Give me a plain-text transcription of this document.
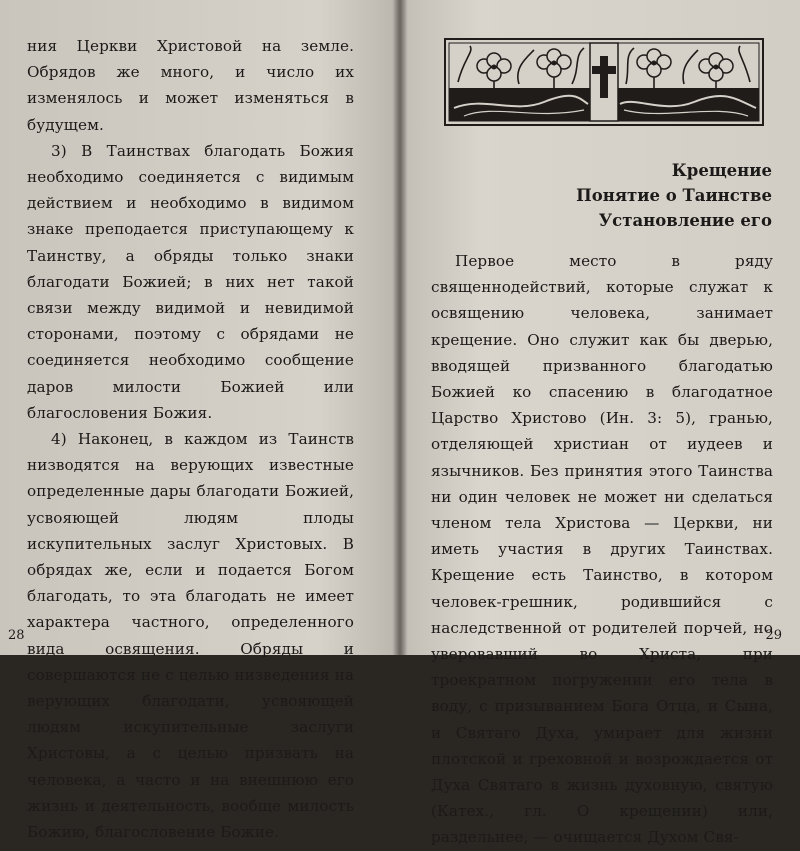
ния Церкви Христовой на земле. Обрядов же много, и число их изменялось и может изменяться в будущем.

3) В Таинствах благодать Божия необходимо соединяется с видимым действием и необходимо в видимом знаке преподается приступающему к Таинству, а обряды только знаки благодати Божией; в них нет такой связи между видимой и невидимой сторонами, поэтому с обрядами не соединяется необходимо сообщение даров милости Божией или благословения Божия.

4) Наконец, в каждом из Таинств низводятся на верующих известные определенные дары благодати Божией, усвояющей людям плоды искупительных заслуг Христовых. В обрядах же, если и подается Богом благодать, то эта благодать не имеет характера частного, определенного вида освящения. Обряды и совершаются не с целью низведения на верующих благодати, усвояющей людям искупительные заслуги Христовы, а с целью призвать на человека, а часто и на внешнюю его жизнь и деятельность, вообще милость Божию, благословение Божие.

28
Крещение
Понятие о Таинстве
Установление его

Первое место в ряду священнодействий, которые служат к освящению человека, занимает крещение. Оно служит как бы дверью, вводящей призванного благодатью Божией ко спасению в благодатное Царство Христово (Ин. 3: 5), гранью, отделяющей христиан от иудеев и язычников. Без принятия этого Таинства ни один человек не может ни сделаться членом тела Христова — Церкви, ни иметь участия в других Таинствах. Крещение есть Таинство, в котором человек-грешник, родившийся с наследственной от родителей порчей, но уверовавший во Христа, при троекратном погружении его тела в воду, с призыванием Бога Отца, и Сына, и Святаго Духа, умирает для жизни плотской и греховной и возрождается от Духа Святаго в жизнь духовную, святую (Катех., гл. О крещении) или, раздельнее, — очищается Духом Свя-

29
